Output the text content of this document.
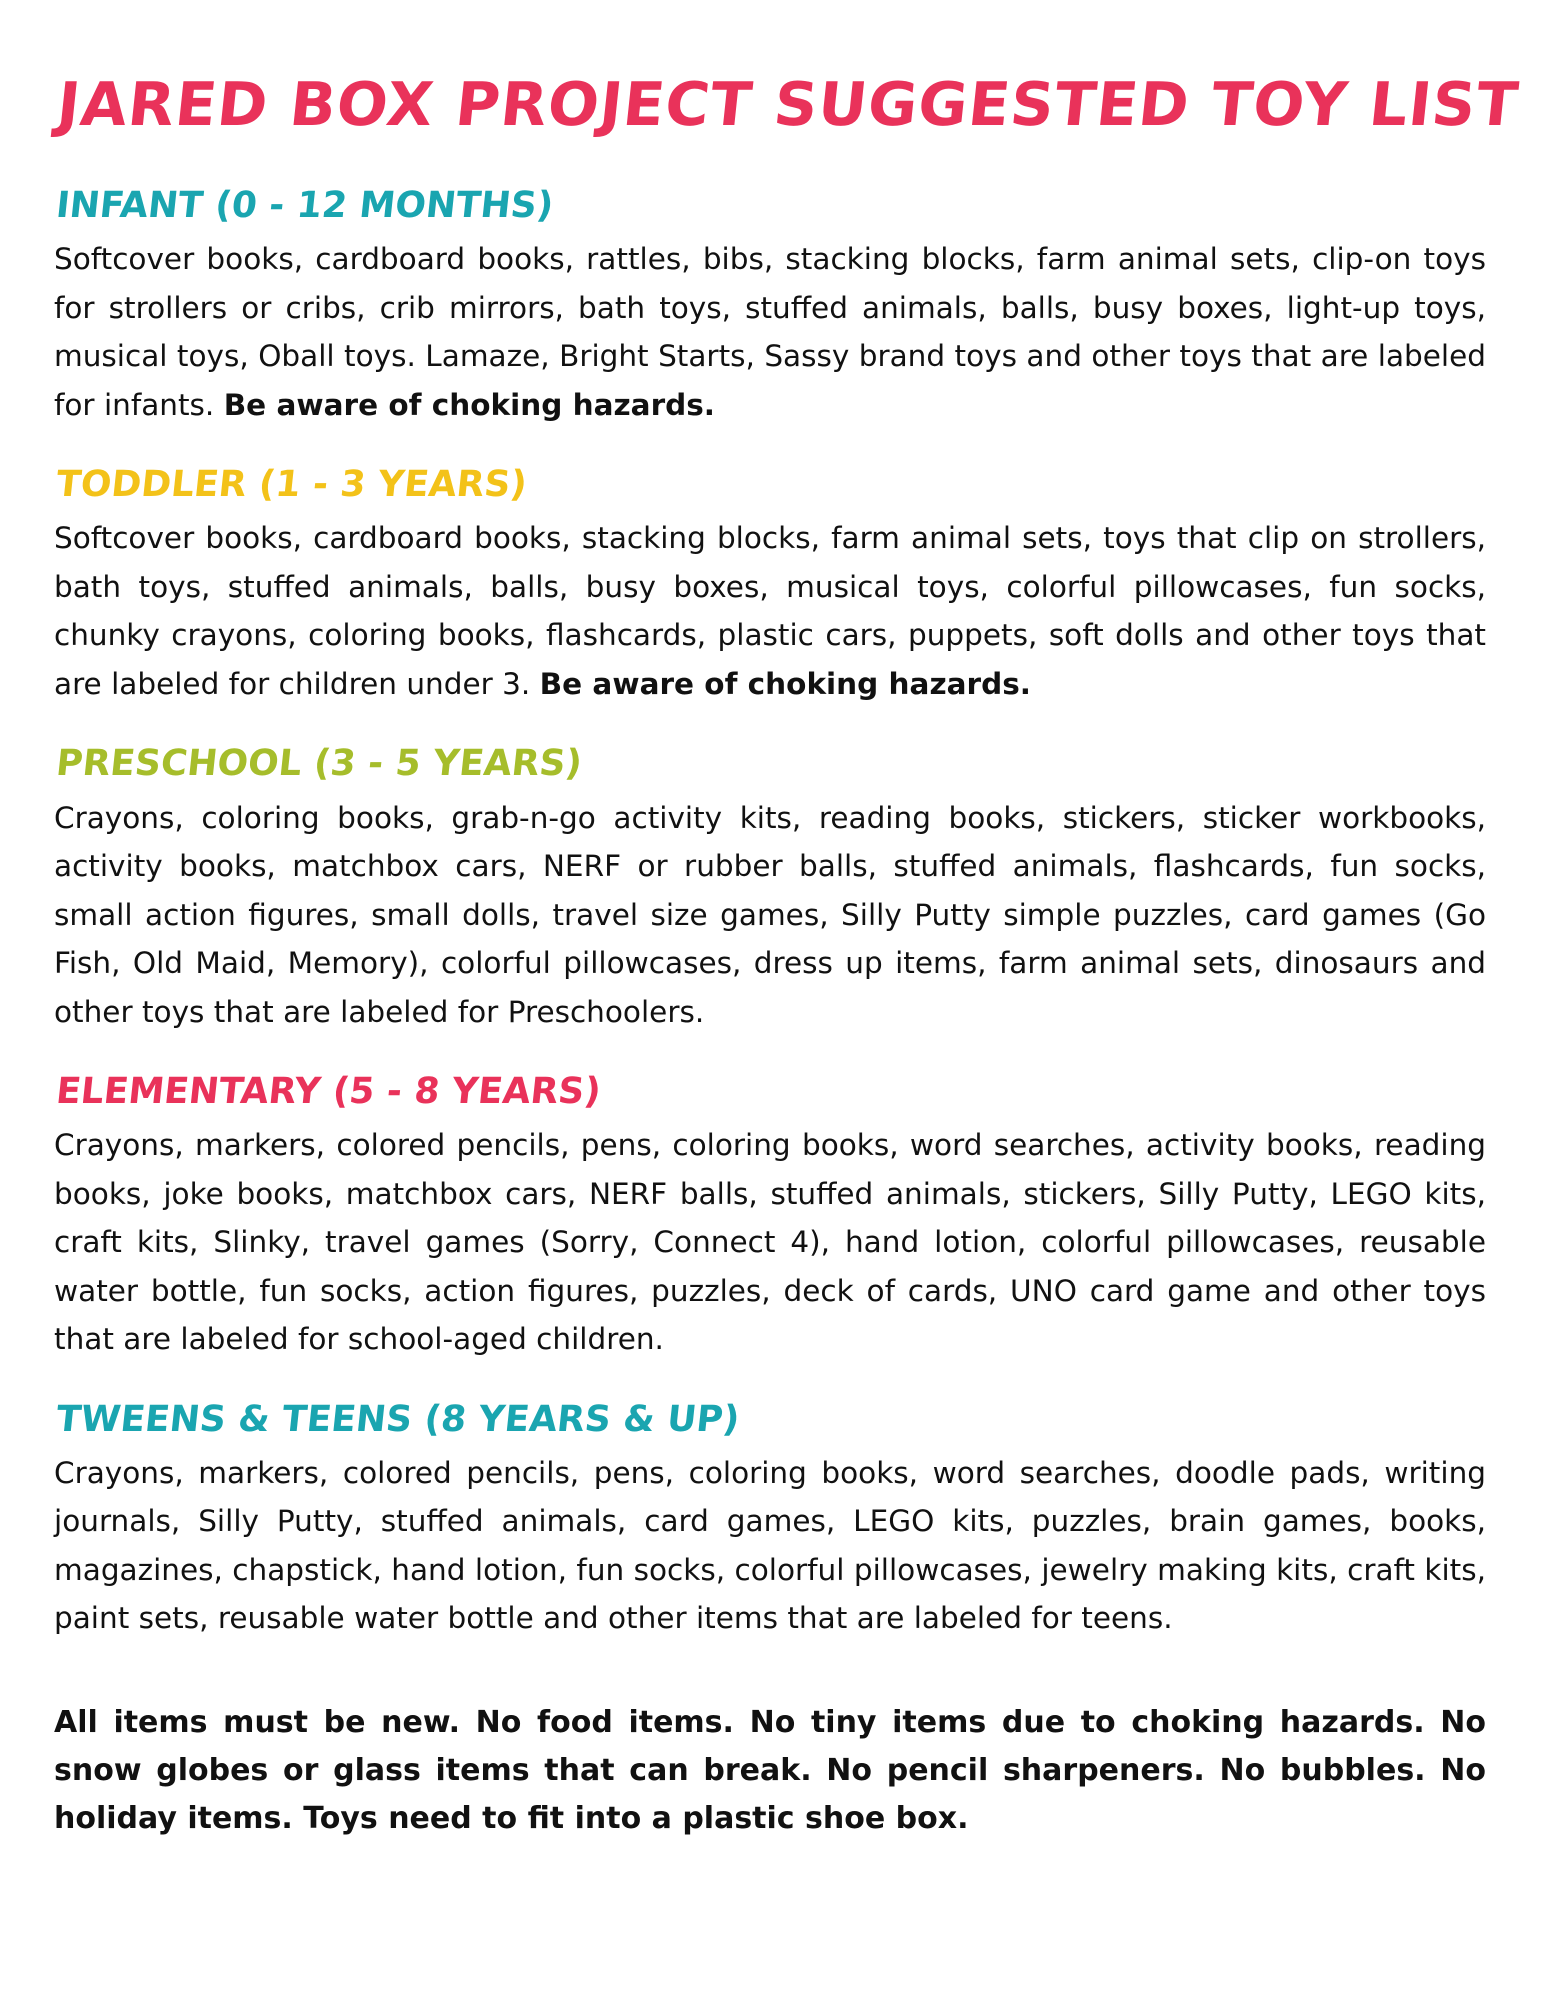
JARED BOX PROJECT SUGGESTED TOY LIST
INFANT (0 - 12 MONTHS)

Softcover books, cardboard books, rattles, bibs, stacking blocks, farm animal sets, clip-on toys for strollers or cribs, crib mirrors, bath toys, stuffed animals, balls, busy boxes, light-up toys, musical toys, Oball toys. Lamaze, Bright Starts, Sassy brand toys and other toys that are labeled for infants. Be aware of choking hazards.

TODDLER (1 - 3 YEARS)

Softcover books, cardboard books, stacking blocks, farm animal sets, toys that clip on strollers, bath toys, stuffed animals, balls, busy boxes, musical toys, colorful pillowcases, fun socks, chunky crayons, coloring books, flashcards, plastic cars, puppets, soft dolls and other toys that are labeled for children under 3. Be aware of choking hazards.

PRESCHOOL (3 - 5 YEARS)

Crayons, coloring books, grab-n-go activity kits, reading books, stickers, sticker workbooks, activity books, matchbox cars, NERF or rubber balls, stuffed animals, flashcards, fun socks, small action figures, small dolls, travel size games, Silly Putty simple puzzles, card games (Go Fish, Old Maid, Memory), colorful pillowcases, dress up items, farm animal sets, dinosaurs and other toys that are labeled for Preschoolers.

ELEMENTARY (5 - 8 YEARS)

Crayons, markers, colored pencils, pens, coloring books, word searches, activity books, reading books, joke books, matchbox cars, NERF balls, stuffed animals, stickers, Silly Putty, LEGO kits, craft kits, Slinky, travel games (Sorry, Connect 4), hand lotion, colorful pillowcases, reusable water bottle, fun socks, action figures, puzzles, deck of cards, UNO card game and other toys that are labeled for school-aged children.

TWEENS & TEENS (8 YEARS & UP)

Crayons, markers, colored pencils, pens, coloring books, word searches, doodle pads, writing journals, Silly Putty, stuffed animals, card games, LEGO kits, puzzles, brain games, books, magazines, chapstick, hand lotion, fun socks, colorful pillowcases, jewelry making kits, craft kits, paint sets, reusable water bottle and other items that are labeled for teens.

All items must be new. No food items. No tiny items due to choking hazards. No snow globes or glass items that can break. No pencil sharpeners. No bubbles. No holiday items. Toys need to fit into a plastic shoe box.
